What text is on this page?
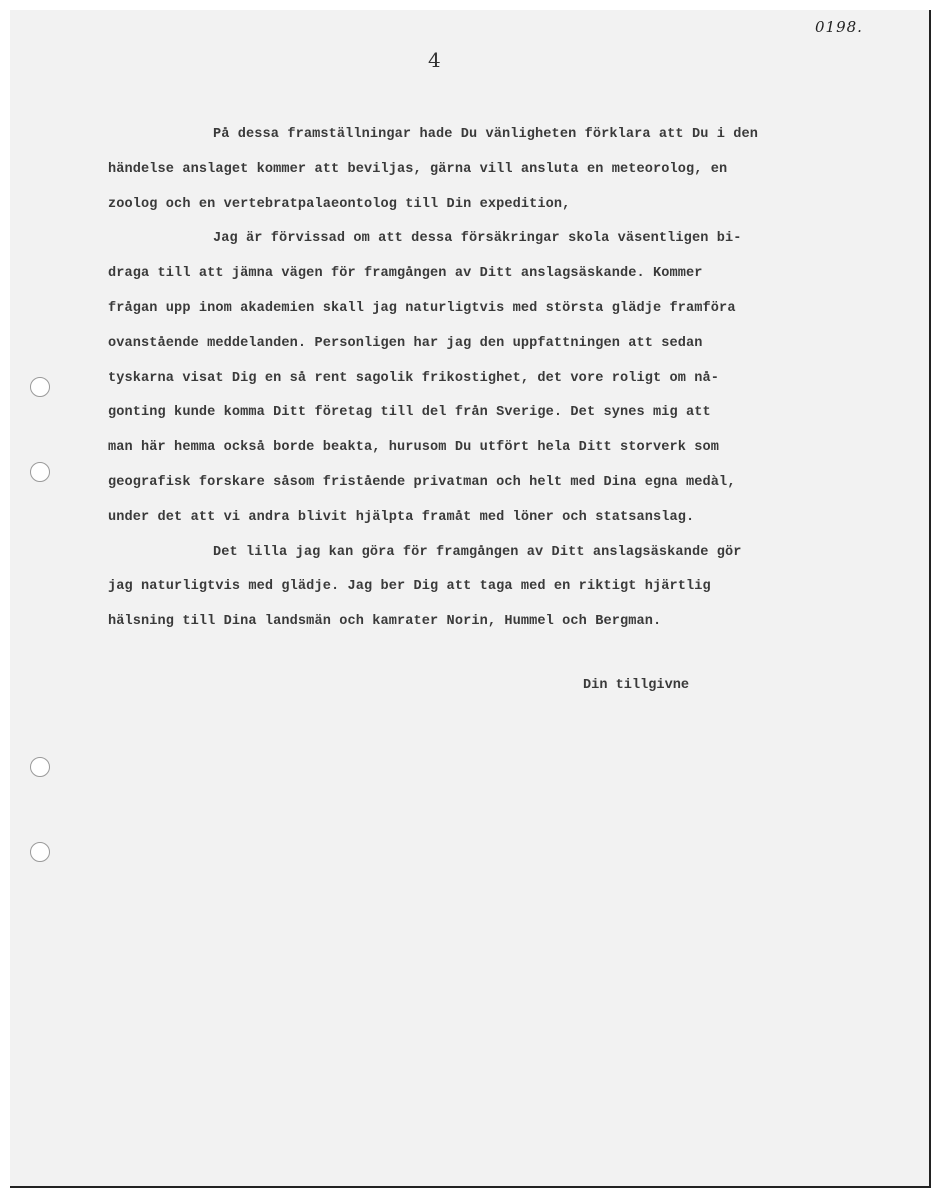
0198.
4
På dessa framställningar hade Du vänligheten förklara att Du i den
händelse anslaget kommer att beviljas, gärna vill ansluta en meteorolog, en
zoolog och en vertebratpalaeontolog till Din expedition,
Jag är förvissad om att dessa försäkringar skola väsentligen bi-
draga till att jämna vägen för framgången av Ditt anslagsäskande. Kommer
frågan upp inom akademien skall jag naturligtvis med största glädje framföra
ovanstående meddelanden. Personligen har jag den uppfattningen att sedan
tyskarna visat Dig en så rent sagolik frikostighet, det vore roligt om nå-
gonting kunde komma Ditt företag till del från Sverige. Det synes mig att
man här hemma också borde beakta, hurusom Du utfört hela Ditt storverk som
geografisk forskare såsom fristående privatman och helt med Dina egna medàl,
under det att vi andra blivit hjälpta framåt med löner och statsanslag.
Det lilla jag kan göra för framgången av Ditt anslagsäskande gör
jag naturligtvis med glädje. Jag ber Dig att taga med en riktigt hjärtlig
hälsning till Dina landsmän och kamrater Norin, Hummel och Bergman.
Din tillgivne
